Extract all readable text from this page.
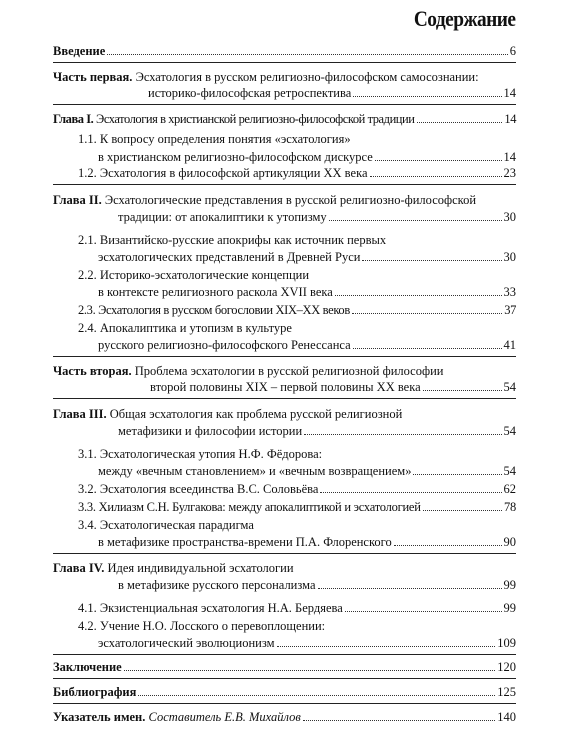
Содержание
Введение	6
Часть первая. Эсхатология в русском религиозно-философском самосознании:
историко-философская ретроспектива	14
Глава I. Эсхатология в христианской религиозно-философской традиции	14
1.1. К вопросу определения понятия «эсхатология»
в христианском религиозно-философском дискурсе	14
1.2. Эсхатология в философской артикуляции XX века	23
Глава II. Эсхатологические представления в русской религиозно-философской
традиции: от апокалиптики к утопизму	30
2.1. Византийско-русские апокрифы как источник первых
эсхатологических представлений в Древней Руси	30
2.2. Историко-эсхатологические концепции
в контексте религиозного раскола XVII века	33
2.3. Эсхатология в русском богословии XIX–XX веков	37
2.4. Апокалиптика и утопизм в культуре
русского религиозно-философского Ренессанса	41
Часть вторая. Проблема эсхатологии в русской религиозной философии
второй половины XIX – первой половины XX века	54
Глава III. Общая эсхатология как проблема русской религиозной
метафизики и философии истории	54
3.1. Эсхатологическая утопия Н.Ф. Фёдорова:
между «вечным становлением» и «вечным возвращением»	54
3.2. Эсхатология всеединства В.С. Соловьёва	62
3.3. Хилиазм С.Н. Булгакова: между апокалиптикой и эсхатологией	78
3.4. Эсхатологическая парадигма
в метафизике пространства-времени П.А. Флоренского	90
Глава IV. Идея индивидуальной эсхатологии
в метафизике русского персонализма	99
4.1. Экзистенциальная эсхатология Н.А. Бердяева	99
4.2. Учение Н.О. Лосского о перевоплощении:
эсхатологический эволюционизм	109
Заключение	120
Библиография	125
Указатель имен. Составитель Е.В. Михайлов	140
